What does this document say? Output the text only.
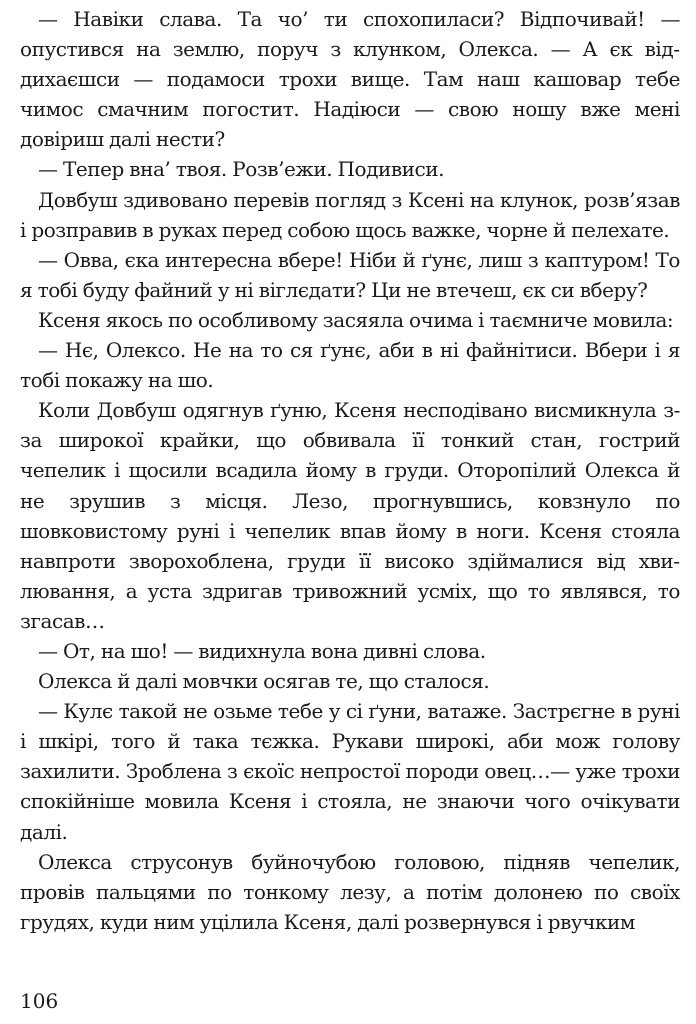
— Навіки слава. Та чо’ ти спохопиласи? Відпочивай! — опустився на землю, поруч з клунком, Олекса. — А єк віддихаєшси — подамоси трохи вище. Там наш кашовар тебе чимос смачним погостит. Надіюси — свою ношу вже мені довіриш далі нести?

— Тепер вна’ твоя. Розв’ежи. Подивиси.

Довбуш здивовано перевів погляд з Ксені на клунок, розв’язав і розправив в руках перед собою щось важке, чорне й пелехате.

— Овва, єка интересна вбере! Ніби й ґунє, лиш з каптуром! То я тобі буду файний у ні віглєдати? Ци не втечеш, єк си вберу?

Ксеня якось по особливому засяяла очима і таємниче мовила:

— Нє, Олексо. Не на то ся ґунє, аби в ні файнітиси. Вбери і я тобі покажу на шо.

Коли Довбуш одягнув ґуню, Ксеня несподівано висмикнула з-за широкої крайки, що обвивала її тонкий стан, гострий чепелик і щосили всадила йому в груди. Оторопілий Олекса й не зрушив з місця. Лезо, прогнувшись, ковзнуло по шовковистому руні і чепелик впав йому в ноги. Ксеня стояла навпроти зворохоблена, груди її високо здіймалися від хвилювання, а уста здригав тривожний усміх, що то являвся, то згасав…

— От, на шо! — видихнула вона дивні слова.

Олекса й далі мовчки осягав те, що сталося.

— Кулє такой не озьме тебе у сі ґуни, ватаже. Застрєгне в руні і шкірі, того й така тєжка. Рукави широкі, аби мож голову захилити. Зроблена з єкоїс непростої породи овец…— уже трохи спокійніше мовила Ксеня і стояла, не знаючи чого очікувати далі.

Олекса струсонув буйночубою головою, підняв чепелик, провів пальцями по тонкому лезу, а потім долонею по своїх грудях, куди ним уцілила Ксеня, далі розвернувся і рвучким

106
